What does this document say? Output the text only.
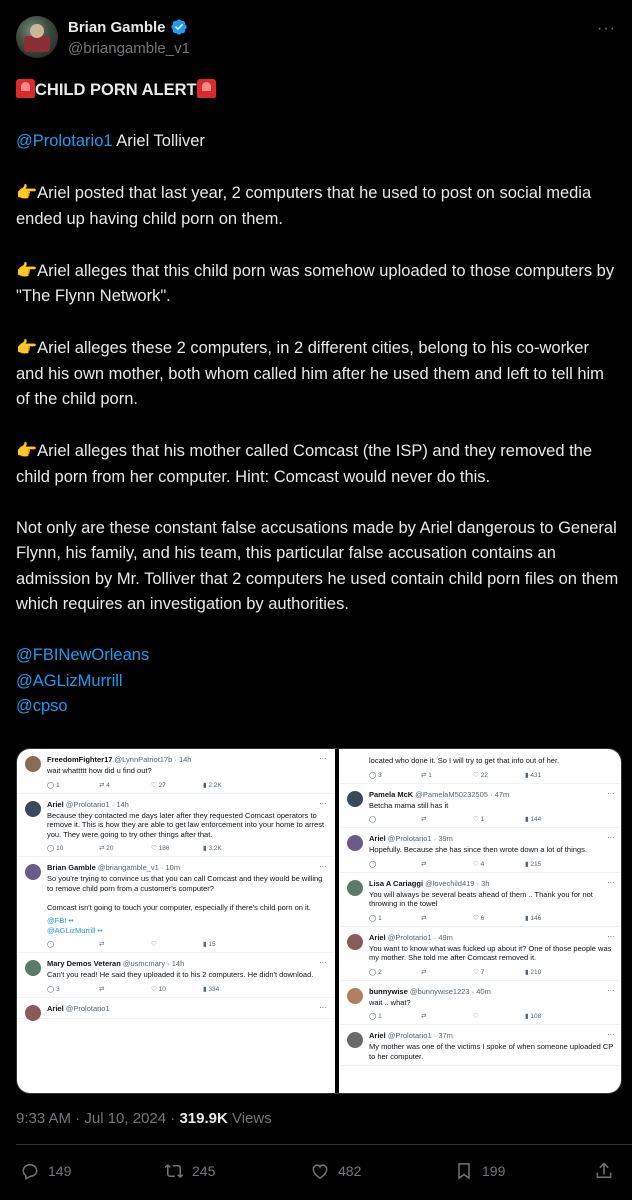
Brian Gamble
@briangamble_v1
···
CHILD PORN ALERT
@Prolotario1 Ariel Tolliver
👉Ariel posted that last year, 2 computers that he used to post on social media ended up having child porn on them.
👉Ariel alleges that this child porn was somehow uploaded to those computers by "The Flynn Network".
👉Ariel alleges these 2 computers, in 2 different cities, belong to his co-worker and his own mother, both whom called him after he used them and left to tell him of the child porn.
👉Ariel alleges that his mother called Comcast (the ISP) and they removed the child porn from her computer. Hint: Comcast would never do this.
Not only are these constant false accusations made by Ariel dangerous to General Flynn, his family, and his team, this particular false accusation contains an admission by Mr. Tolliver that 2 computers he used contain child porn files on them which requires an investigation by authorities.
@FBINewOrleans
@AGLizMurrill
@cpso
FreedomFighter17 @LynnPatriot17b · 14h	···
wait whattttt how did u find out?
◯ 1	⇄ 4	♡ 27	▮ 2.2K
Ariel @Prolotario1 · 14h	···
Because they contacted me days later after they requested Comcast operators to remove it. This is how they are able to get law enforcement into your home to arrest you. They were going to try other things after that.
◯ 10	⇄ 20	♡ 186	▮ 3.2K
Brian Gamble @briangamble_v1 · 10m	···
So you're trying to convince us that you can call Comcast and they would be willing to remove child porn from a customer's computer?

Comcast isn't going to touch your computer, especially if there's child porn on it.
@FBI ••
@AGLizMurrill ••
◯	⇄	♡	▮ 15
Mary Demos Veteran @usmcmary · 14h	···
Can't you read! He said they uploaded it to his 2 computers. He didn't download.
◯ 3	⇄	♡ 10	▮ 334
Ariel @Prolotario1	···
located who done it. So I will try to get that info out of her.
◯ 3	⇄ 1	♡ 22	▮ 431
Pamela McK @PamelaM50232505 · 47m	···
Betcha mama still has it
◯	⇄	♡ 1	▮ 144
Ariel @Prolotario1 · 39m	···
Hopefully. Because she has since then wrote down a lot of things.
◯	⇄	♡ 4	▮ 215
Lisa A Cariaggi @lovechild419 · 3h	···
You will always be several beats ahead of them .. Thank you for not throwing in the towel
◯ 1	⇄	♡ 6	▮ 146
Ariel @Prolotario1 · 49m	···
You want to know what was fucked up about it? One of those people was my mother. She told me after Comcast removed it.
◯ 2	⇄	♡ 7	▮ 210
bunnywise @bunnywise1223 · 40m	···
wait .. what?
◯ 1	⇄	♡	▮ 108
Ariel @Prolotario1 · 37m	···
My mother was one of the victims I spoke of when someone uploaded CP to her computer.
9:33 AM · Jul 10, 2024 · 319.9K Views
149	245	482	199
